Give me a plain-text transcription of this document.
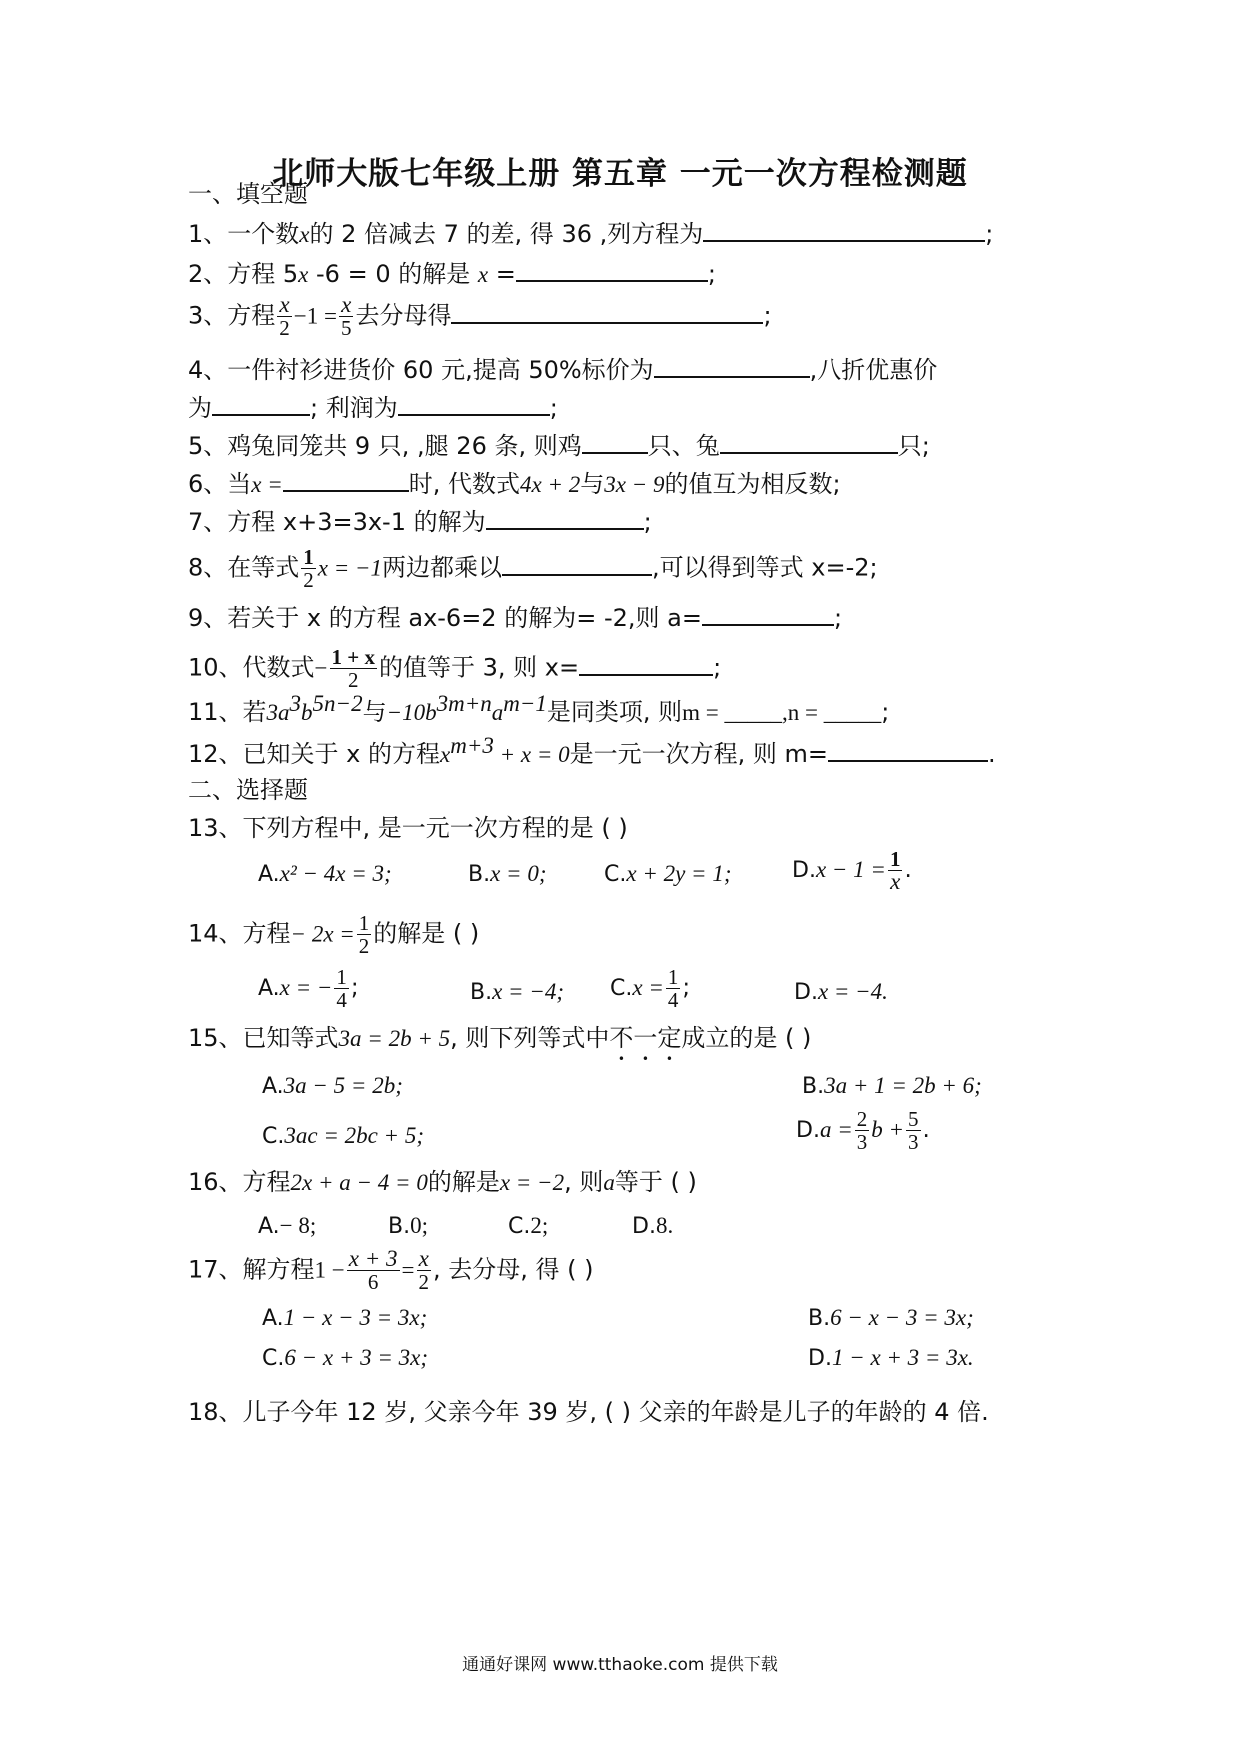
北师大版七年级上册 第五章 一元一次方程检测题
一、填空题
1、一个数x的 2 倍减去 7 的差, 得 36 ,列方程为	;
2、方程 5x -6 = 0 的解是 x =	;
3、方程 $\frac{x}{2} -1 = \frac{x}{5}$ 去分母得	;
4、一件衬衫进货价 60 元,提高 50%标价为	,八折优惠价
为	; 利润为	;
5、鸡兔同笼共 9 只, ,腿 26 条, 则鸡	只、兔	只;
6、当x =	时, 代数式4x + 2与3x − 9的值互为相反数;
7、方程 x+3=3x-1 的解为	;
8、在等式 $\frac{1}{2}$ x = −1两边都乘以	,可以得到等式 x=-2;
9、若关于 x 的方程 ax-6=2 的解为= -2,则 a=	;
10、代数式− $\frac{1 + x}{2}$ 的值等于 3, 则 x=	;
11、若$3a^3b^{5n-2}$与$-10b^{3m+n}a^{m-1}$是同类项, 则m = _____,n = _____;
12、已知关于 x 的方程$x^{m+3} + x = 0$是一元一次方程, 则 m=	.
二、选择题
13、下列方程中, 是一元一次方程的是 ( )
A.x² − 4x = 3;	B.x = 0;	C.x + 2y = 1;	$D.x - 1 = \frac{1}{x}$ .
14、方程− $2x = \frac{1}{2}$ 的解是 ( )
A.x = − $\frac{1}{4}$ ;	B.x = −4; $C.x = \frac{1}{4}$ ;	D.x = −4.
15、已知等式3a = 2b + 5, 则下列等式中不一定成立的是 ( )
A.3a − 5 = 2b;	B.3a + 1 = 2b + 6;
C.3ac = 2bc + 5;	$D.a = \frac{2}{3}$ $b + \frac{5}{3}$ .
16、方程2x + a − 4 = 0的解是x = −2, 则a等于 ( )
A.− 8;	B.0;	C.2;	D.8.
17、解方程$1 - \frac{x + 3}{6} = \frac{x}{2}$ , 去分母, 得 ( )
A.1 − x − 3 = 3x;	B.6 − x − 3 = 3x;
C.6 − x + 3 = 3x;	D.1 − x + 3 = 3x.
18、儿子今年 12 岁, 父亲今年 39 岁, ( ) 父亲的年龄是儿子的年龄的 4 倍.
通通好课网 www.tthaoke.com 提供下载
